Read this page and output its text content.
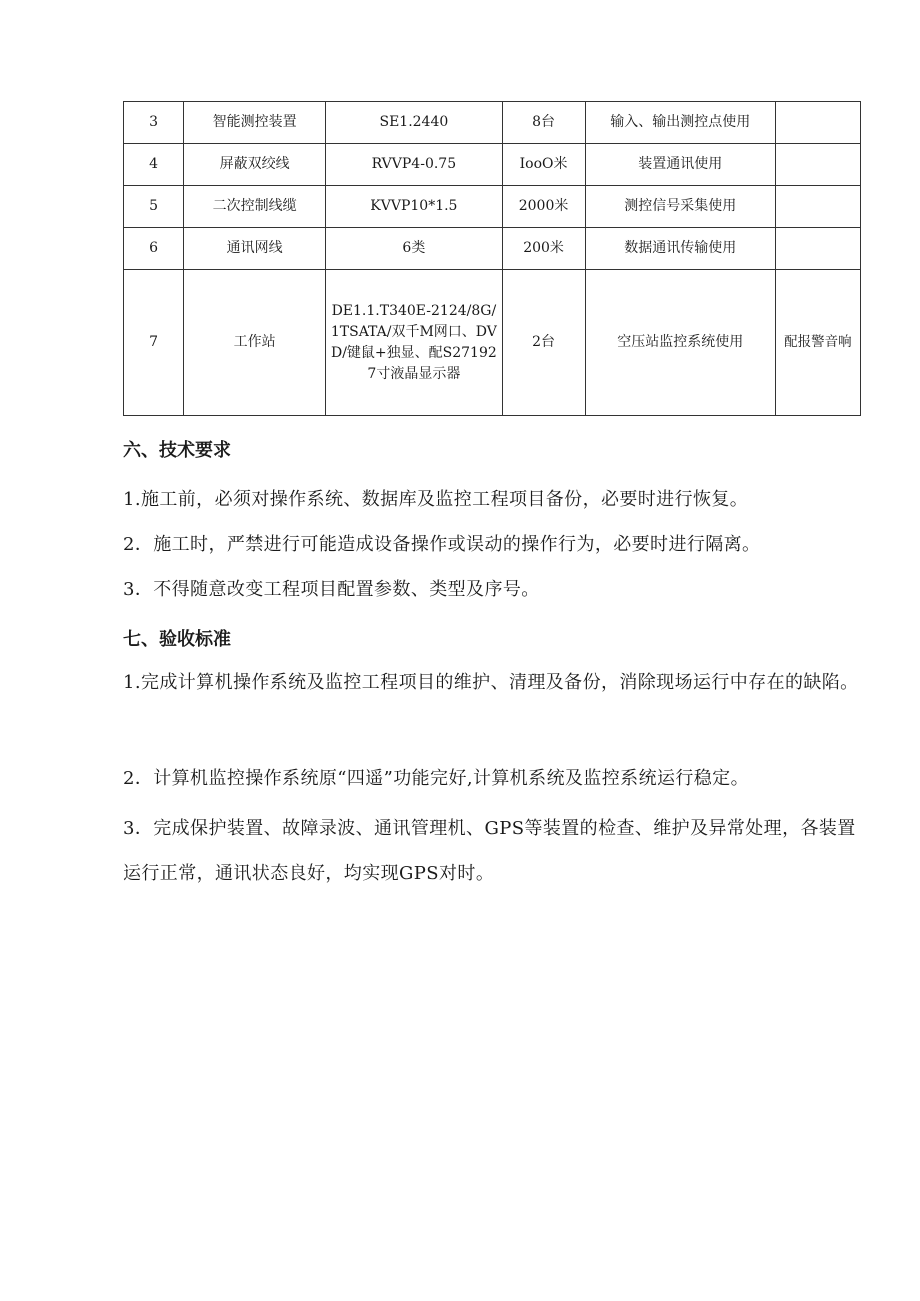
3	智能测控装置	SE1.2440	8台	输入、输出测控点使用	
4	屏蔽双绞线	RVVP4-0.75	IooO米	装置通讯使用	
5	二次控制线缆	KVVP10*1.5	2000米	测控信号采集使用	
6	通讯网线	6类	200米	数据通讯传输使用	
7	工作站	DE1.1.T340E-2124/8G/1TSATA/双千M网口、DVD/键鼠+独显、配S271927寸液晶显示器	2台	空压站监控系统使用	配报警音响
六、技术要求
1.施工前，必须对操作系统、数据库及监控工程项目备份，必要时进行恢复。
2．施工时，严禁进行可能造成设备操作或误动的操作行为，必要时进行隔离。
3．不得随意改变工程项目配置参数、类型及序号。
七、验收标准
1.完成计算机操作系统及监控工程项目的维护、清理及备份，消除现场运行中存在的缺陷。
2．计算机监控操作系统原“四遥”功能完好,计算机系统及监控系统运行稳定。
3．完成保护装置、故障录波、通讯管理机、GPS等装置的检查、维护及异常处理，各装置运行正常，通讯状态良好，均实现GPS对时。
